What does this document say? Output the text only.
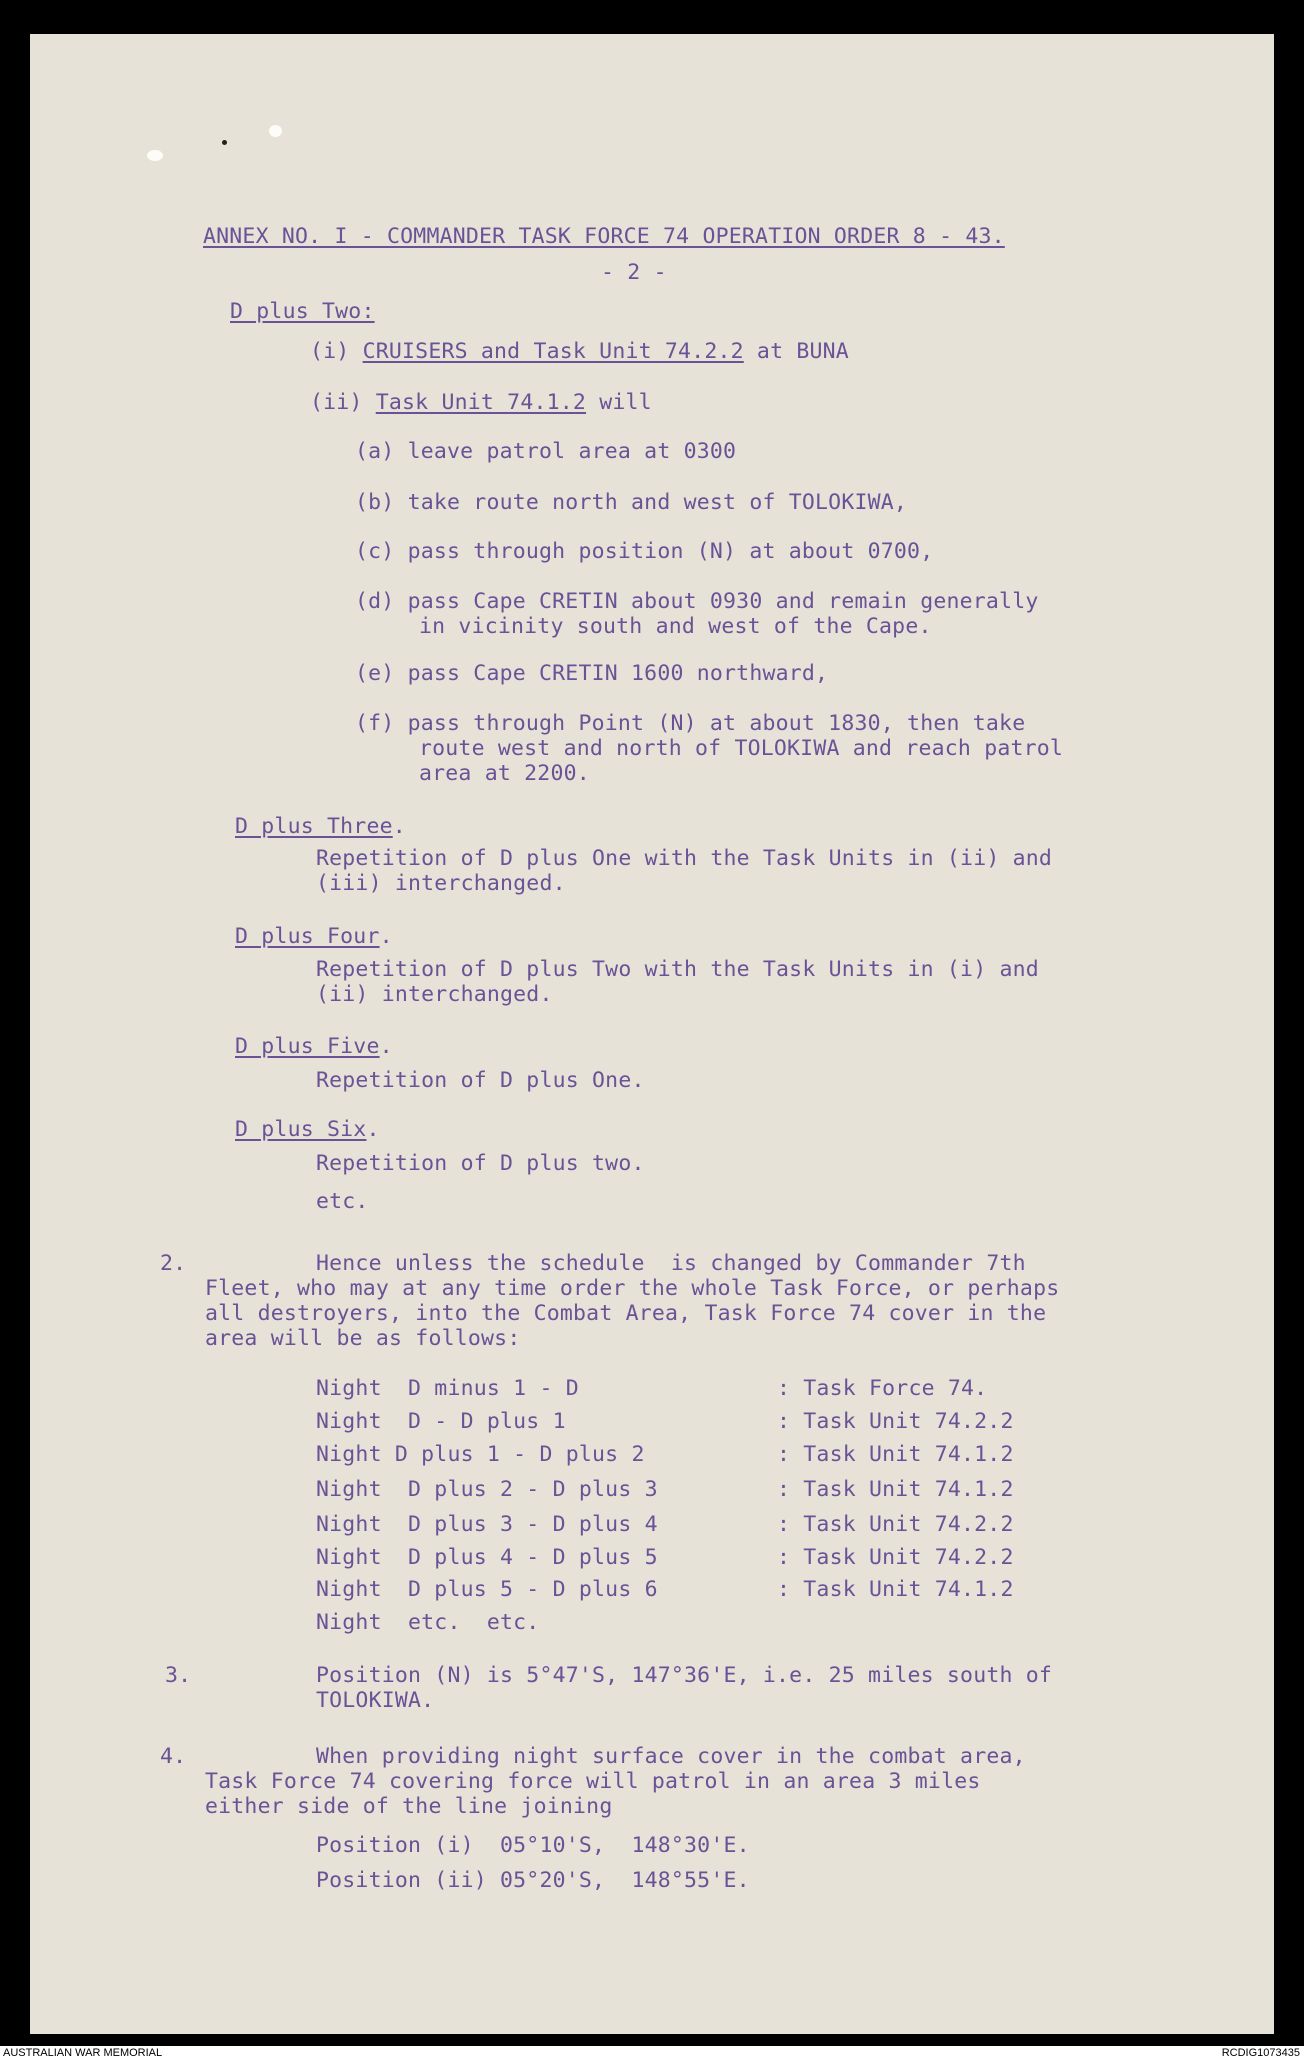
ANNEX NO. I - COMMANDER TASK FORCE 74 OPERATION ORDER 8 - 43.
- 2 -
D plus Two:
(i) CRUISERS and Task Unit 74.2.2 at BUNA
(ii) Task Unit 74.1.2 will
(a) leave patrol area at 0300
(b) take route north and west of TOLOKIWA,
(c) pass through position (N) at about 0700,
(d) pass Cape CRETIN about 0930 and remain generally
in vicinity south and west of the Cape.
(e) pass Cape CRETIN 1600 northward,
(f) pass through Point (N) at about 1830, then take
route west and north of TOLOKIWA and reach patrol
area at 2200.
D plus Three.
Repetition of D plus One with the Task Units in (ii) and
(iii) interchanged.
D plus Four.
Repetition of D plus Two with the Task Units in (i) and
(ii) interchanged.
D plus Five.
Repetition of D plus One.
D plus Six.
Repetition of D plus two.
etc.
2.	Hence unless the schedule  is changed by Commander 7th
Fleet, who may at any time order the whole Task Force, or perhaps
all destroyers, into the Combat Area, Task Force 74 cover in the
area will be as follows:
Night  D minus 1 - D	: Task Force 74.
Night  D - D plus 1	: Task Unit 74.2.2
Night D plus 1 - D plus 2	: Task Unit 74.1.2
Night  D plus 2 - D plus 3	: Task Unit 74.1.2
Night  D plus 3 - D plus 4	: Task Unit 74.2.2
Night  D plus 4 - D plus 5	: Task Unit 74.2.2
Night  D plus 5 - D plus 6	: Task Unit 74.1.2
Night  etc.  etc.
3.	Position (N) is 5°47'S, 147°36'E, i.e. 25 miles south of
TOLOKIWA.
4.	When providing night surface cover in the combat area,
Task Force 74 covering force will patrol in an area 3 miles
either side of the line joining
Position (i)  05°10'S,  148°30'E.
Position (ii) 05°20'S,  148°55'E.
AUSTRALIAN WAR MEMORIAL	RCDIG1073435
